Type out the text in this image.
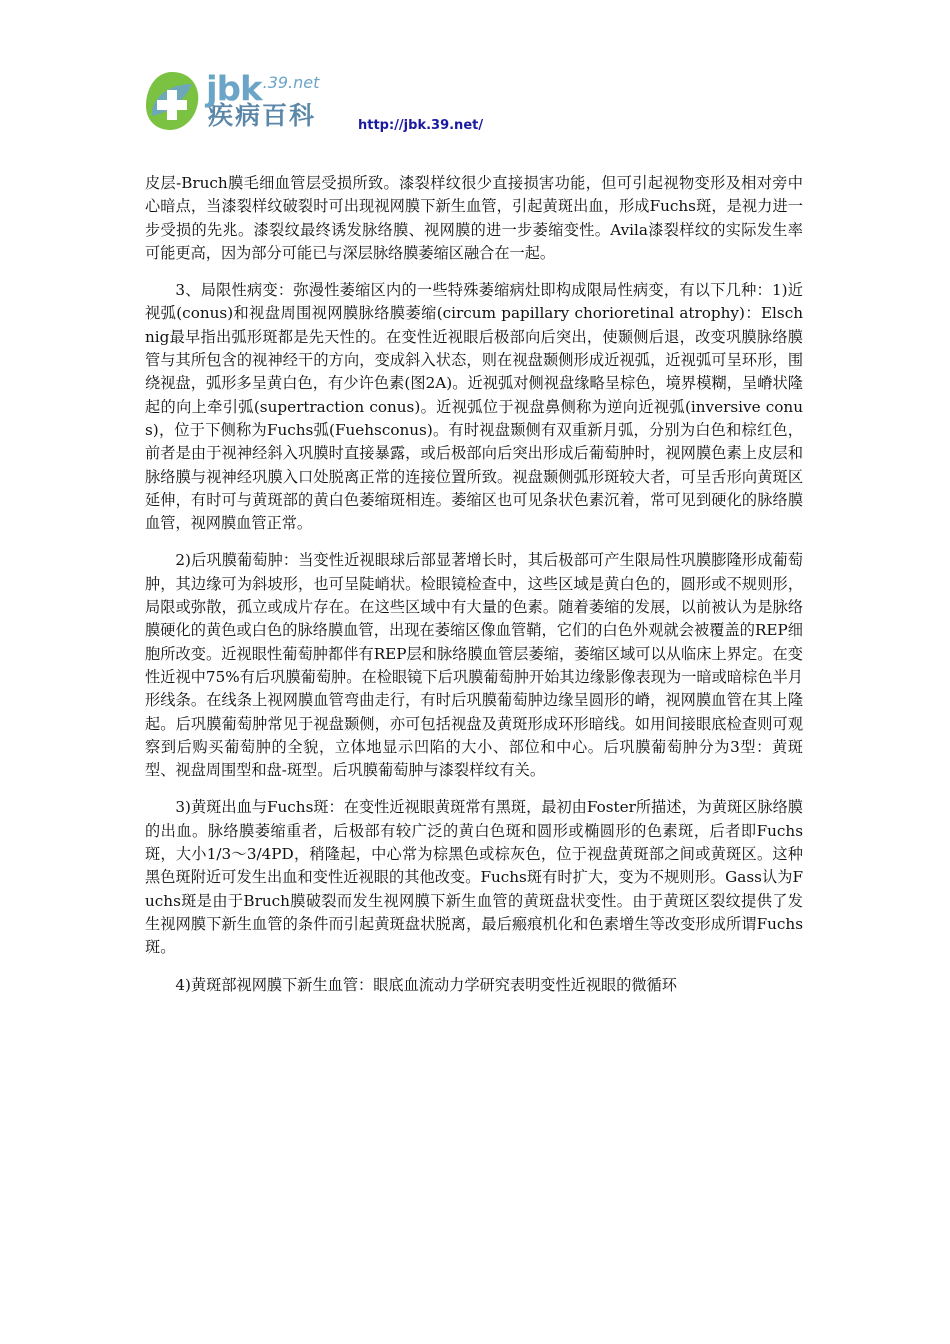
jbk$^{.39.net}$
疾病百科	http://jbk.39.net/

皮层-Bruch膜毛细血管层受损所致。漆裂样纹很少直接损害功能，但可引起视物变形及相对旁中心暗点，当漆裂样纹破裂时可出现视网膜下新生血管，引起黄斑出血，形成Fuchs斑，是视力进一步受损的先兆。漆裂纹最终诱发脉络膜、视网膜的进一步萎缩变性。Avila漆裂样纹的实际发生率可能更高，因为部分可能已与深层脉络膜萎缩区融合在一起。

3、局限性病变：弥漫性萎缩区内的一些特殊萎缩病灶即构成限局性病变，有以下几种：1)近视弧(conus)和视盘周围视网膜脉络膜萎缩(circum papillary chorioretinal atrophy)：Elschnig最早指出弧形斑都是先天性的。在变性近视眼后极部向后突出，使颞侧后退，改变巩膜脉络膜管与其所包含的视神经干的方向，变成斜入状态，则在视盘颞侧形成近视弧，近视弧可呈环形，围绕视盘，弧形多呈黄白色，有少许色素(图2A)。近视弧对侧视盘缘略呈棕色，境界模糊，呈嵴状隆起的向上牵引弧(supertraction conus)。近视弧位于视盘鼻侧称为逆向近视弧(inversive conus)，位于下侧称为Fuchs弧(Fuehsconus)。有时视盘颞侧有双重新月弧，分别为白色和棕红色，前者是由于视神经斜入巩膜时直接暴露，或后极部向后突出形成后葡萄肿时，视网膜色素上皮层和脉络膜与视神经巩膜入口处脱离正常的连接位置所致。视盘颞侧弧形斑较大者，可呈舌形向黄斑区延伸，有时可与黄斑部的黄白色萎缩斑相连。萎缩区也可见条状色素沉着，常可见到硬化的脉络膜血管，视网膜血管正常。

2)后巩膜葡萄肿：当变性近视眼球后部显著增长时，其后极部可产生限局性巩膜膨隆形成葡萄肿，其边缘可为斜坡形，也可呈陡峭状。检眼镜检查中，这些区域是黄白色的，圆形或不规则形，局限或弥散，孤立或成片存在。在这些区域中有大量的色素。随着萎缩的发展，以前被认为是脉络膜硬化的黄色或白色的脉络膜血管，出现在萎缩区像血管鞘，它们的白色外观就会被覆盖的REP细胞所改变。近视眼性葡萄肿都伴有REP层和脉络膜血管层萎缩，萎缩区域可以从临床上界定。在变性近视中75%有后巩膜葡萄肿。在检眼镜下后巩膜葡萄肿开始其边缘影像表现为一暗或暗棕色半月形线条。在线条上视网膜血管弯曲走行，有时后巩膜葡萄肿边缘呈圆形的嵴，视网膜血管在其上隆起。后巩膜葡萄肿常见于视盘颞侧，亦可包括视盘及黄斑形成环形暗线。如用间接眼底检查则可观察到后购买葡萄肿的全貌，立体地显示凹陷的大小、部位和中心。后巩膜葡萄肿分为3型：黄斑型、视盘周围型和盘-斑型。后巩膜葡萄肿与漆裂样纹有关。

3)黄斑出血与Fuchs斑：在变性近视眼黄斑常有黑斑，最初由Foster所描述，为黄斑区脉络膜的出血。脉络膜萎缩重者，后极部有较广泛的黄白色斑和圆形或椭圆形的色素斑，后者即Fuchs斑，大小1/3～3/4PD，稍隆起，中心常为棕黑色或棕灰色，位于视盘黄斑部之间或黄斑区。这种黑色斑附近可发生出血和变性近视眼的其他改变。Fuchs斑有时扩大，变为不规则形。Gass认为Fuchs斑是由于Bruch膜破裂而发生视网膜下新生血管的黄斑盘状变性。由于黄斑区裂纹提供了发生视网膜下新生血管的条件而引起黄斑盘状脱离，最后瘢痕机化和色素增生等改变形成所谓Fuchs斑。

4)黄斑部视网膜下新生血管：眼底血流动力学研究表明变性近视眼的微循环
